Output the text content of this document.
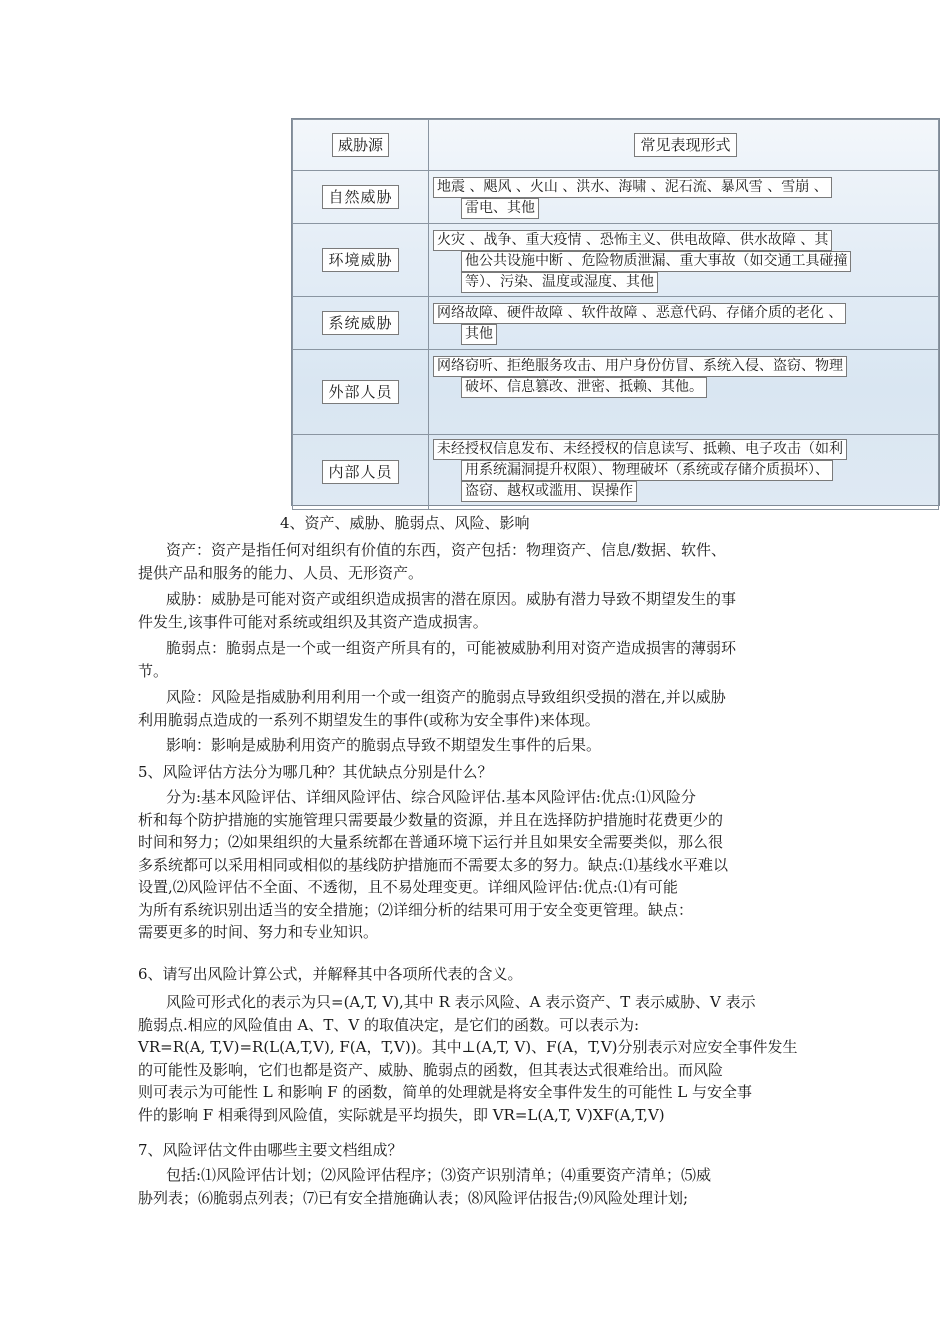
威胁源	常见表现形式
自然威胁	地震 、飓风 、火山 、洪水、海啸 、泥石流、暴风雪 、雪崩 、
雷电、其他

环境威胁	火灾 、战争、重大疫情 、恐怖主义、供电故障、供水故障 、其
他公共设施中断 、危险物质泄漏、重大事故（如交通工具碰撞
等）、污染、温度或湿度、其他

系统威胁	网络故障、硬件故障 、软件故障 、恶意代码、存储介质的老化 、
其他

外部人员	网络窃听、拒绝服务攻击、用户身份仿冒、系统入侵、盗窃、物理
破坏、信息篡改、泄密、抵赖、其他。

内部人员	未经授权信息发布、未经授权的信息读写、抵赖、电子攻击（如利
用系统漏洞提升权限）、物理破坏（系统或存储介质损坏）、
盗窃、越权或滥用、误操作
4、资产、威胁、脆弱点、风险、影响
资产：资产是指任何对组织有价值的东西，资产包括：物理资产、信息/数据、软件、
提供产品和服务的能力、人员、无形资产。
威胁：威胁是可能对资产或组织造成损害的潜在原因。威胁有潜力导致不期望发生的事
件发生,该事件可能对系统或组织及其资产造成损害。
脆弱点：脆弱点是一个或一组资产所具有的，可能被威胁利用对资产造成损害的薄弱环
节。
风险：风险是指威胁利用利用一个或一组资产的脆弱点导致组织受损的潜在,并以威胁
利用脆弱点造成的一系列不期望发生的事件(或称为安全事件)来体现。
影响：影响是威胁利用资产的脆弱点导致不期望发生事件的后果。
5、风险评估方法分为哪几种？其优缺点分别是什么？
分为:基本风险评估、详细风险评估、综合风险评估.基本风险评估:优点:⑴风险分
析和每个防护措施的实施管理只需要最少数量的资源，并且在选择防护措施时花费更少的
时间和努力；⑵如果组织的大量系统都在普通环境下运行并且如果安全需要类似，那么很
多系统都可以采用相同或相似的基线防护措施而不需要太多的努力。缺点:⑴基线水平难以
设置,⑵风险评估不全面、不透彻，且不易处理变更。详细风险评估:优点:⑴有可能
为所有系统识别出适当的安全措施；⑵详细分析的结果可用于安全变更管理。缺点：
需要更多的时间、努力和专业知识。
6、请写出风险计算公式，并解释其中各项所代表的含义。
风险可形式化的表示为只=(A,T, V),其中 R 表示风险、A 表示资产、T 表示威胁、V 表示
脆弱点.相应的风险值由 A、T、V 的取值决定，是它们的函数。可以表示为:
VR=R(A, T,V)=R(L(A,T,V), F(A，T,V))。其中⊥(A,T, V)、F(A，T,V)分别表示对应安全事件发生
的可能性及影响，它们也都是资产、威胁、脆弱点的函数，但其表达式很难给出。而风险
则可表示为可能性 L 和影响 F 的函数，简单的处理就是将安全事件发生的可能性 L 与安全事
件的影响 F 相乘得到风险值，实际就是平均损失，即 VR=L(A,T, V)XF(A,T,V)
7、风险评估文件由哪些主要文档组成？
包括:⑴风险评估计划；⑵风险评估程序；⑶资产识别清单；⑷重要资产清单；⑸威
胁列表；⑹脆弱点列表；⑺已有安全措施确认表；⑻风险评估报告;⑼风险处理计划;
